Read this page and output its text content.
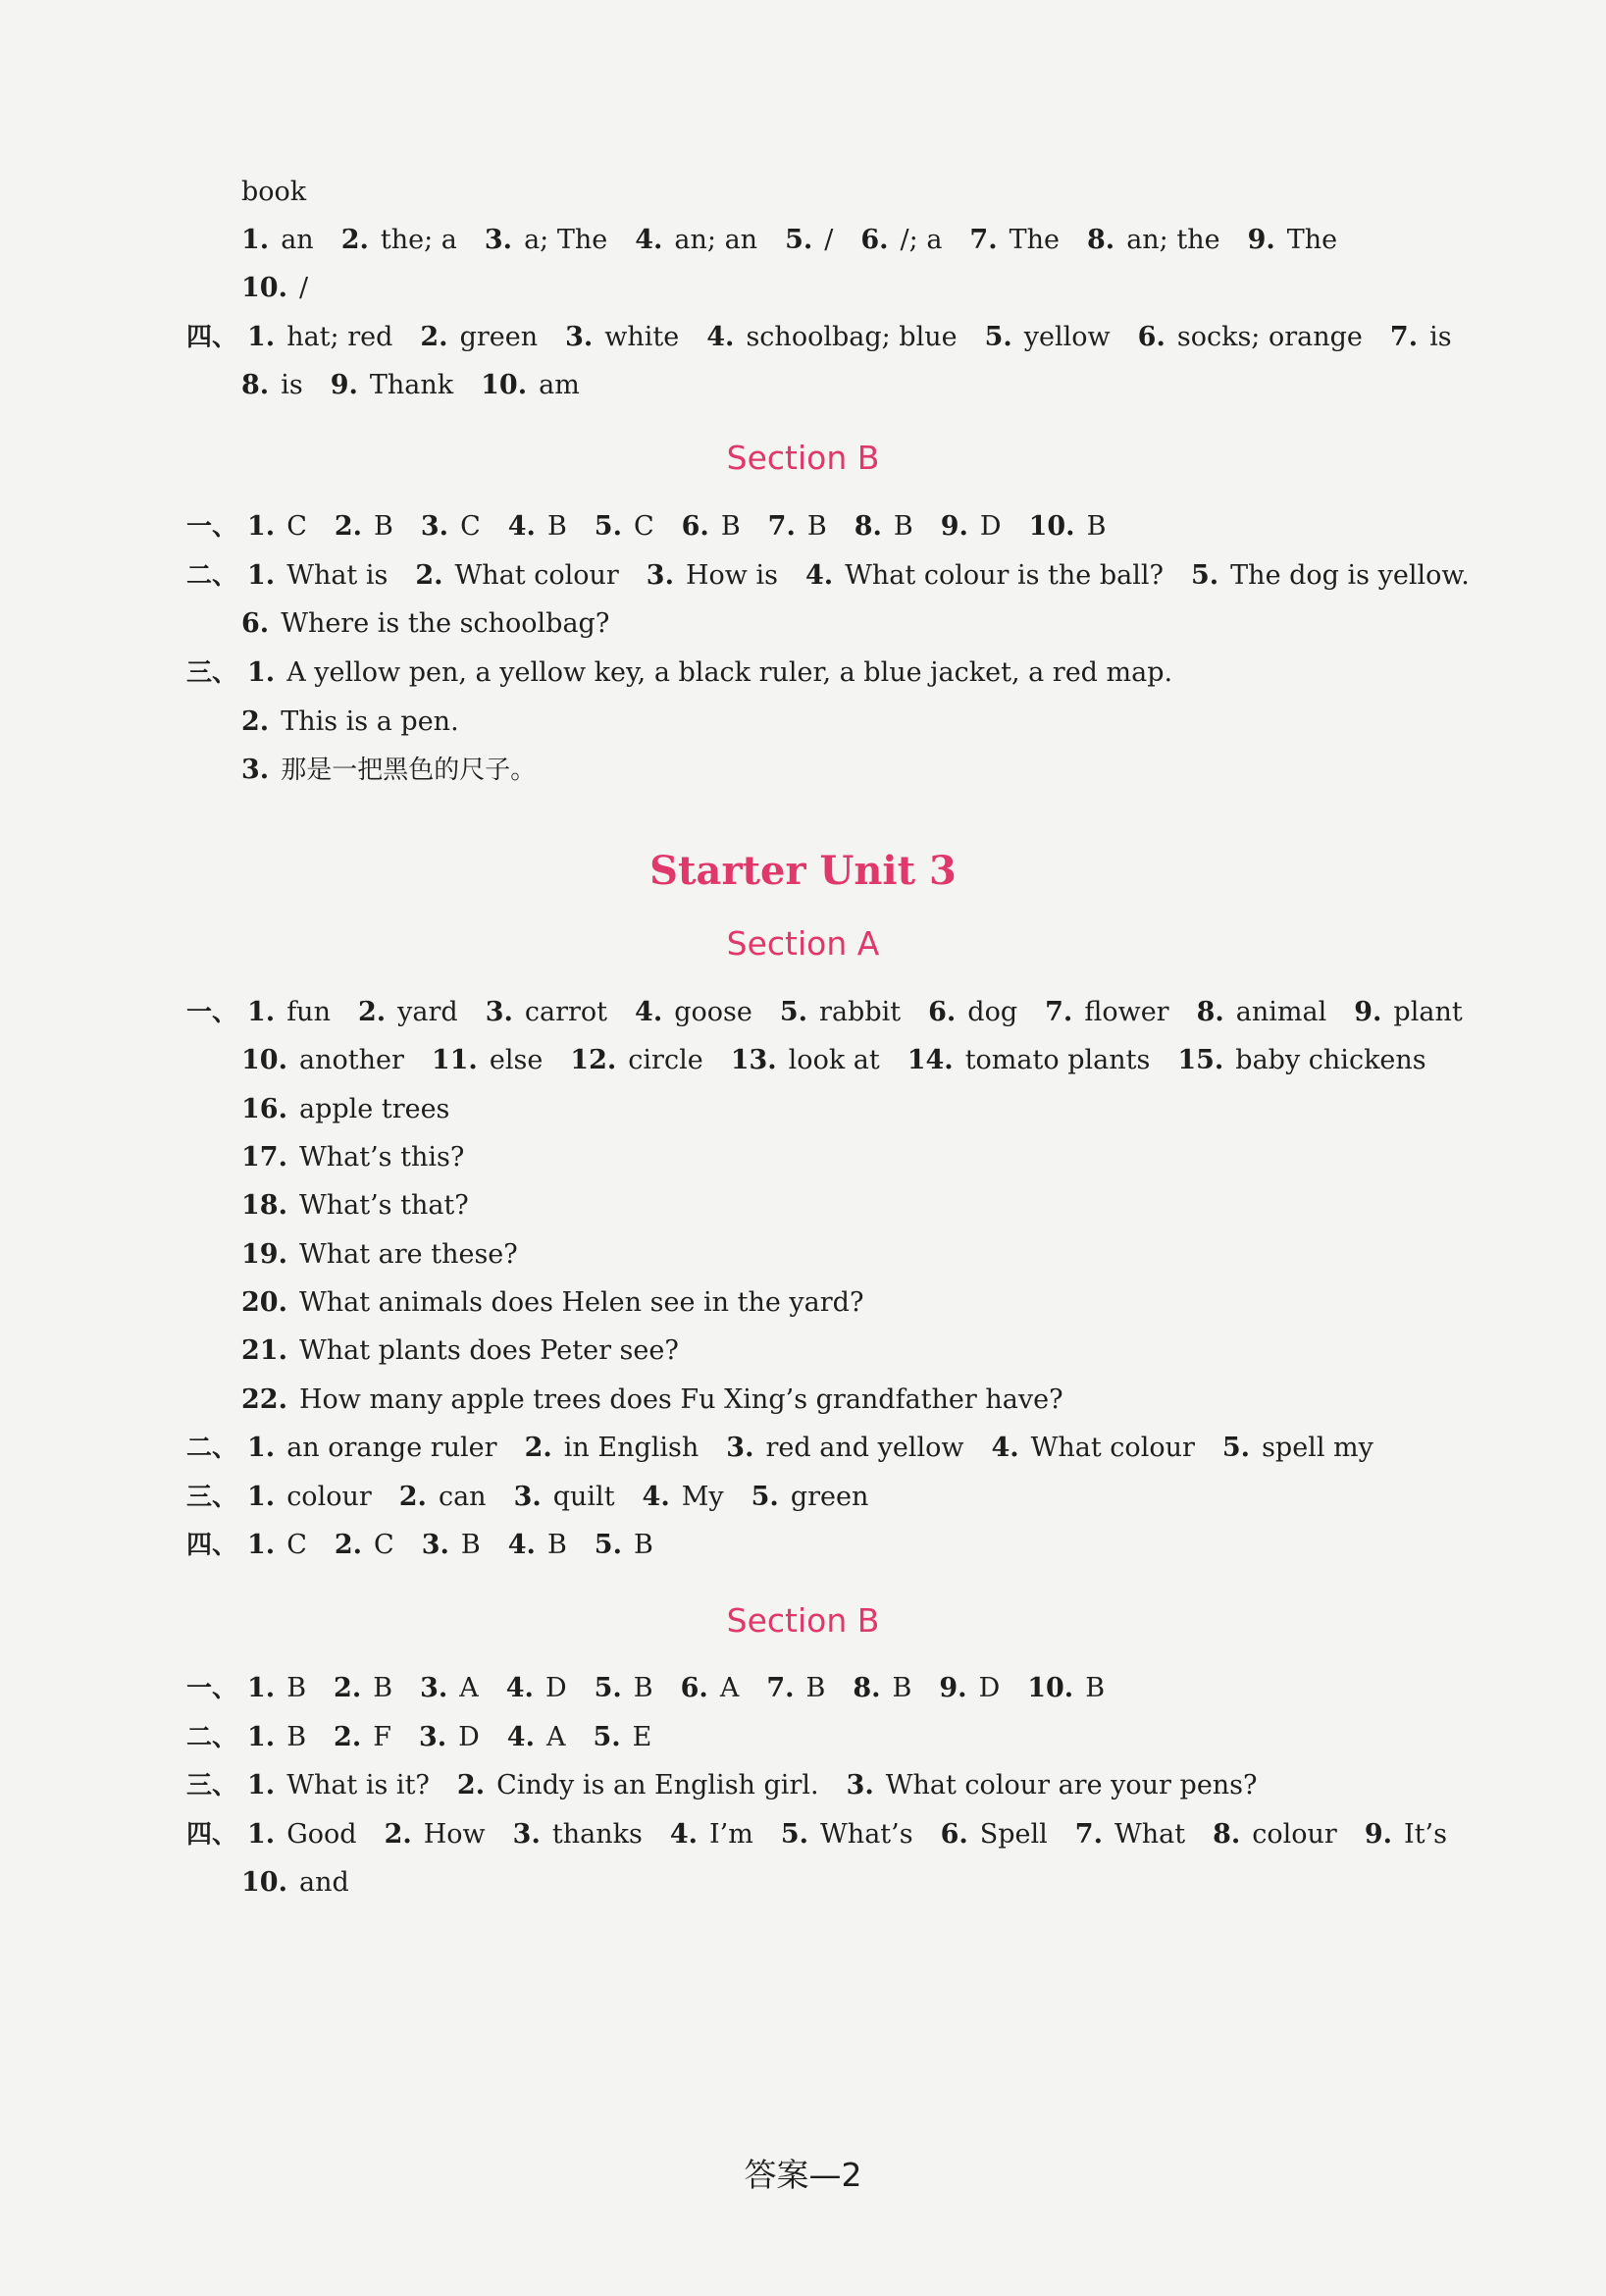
book
1. an 2. the; a 3. a; The 4. an; an 5. / 6. /; a 7. The 8. an; the 9. The
10. /
四、 1. hat; red 2. green 3. white 4. schoolbag; blue 5. yellow 6. socks; orange 7. is
8. is 9. Thank 10. am
Section B
一、 1. C 2. B 3. C 4. B 5. C 6. B 7. B 8. B 9. D 10. B
二、 1. What is 2. What colour 3. How is 4. What colour is the ball? 5. The dog is yellow.
6. Where is the schoolbag?
三、 1. A yellow pen, a yellow key, a black ruler, a blue jacket, a red map.
2. This is a pen.
3. 那是一把黑色的尺子。
Starter Unit 3
Section A
一、 1. fun 2. yard 3. carrot 4. goose 5. rabbit 6. dog 7. flower 8. animal 9. plant
10. another 11. else 12. circle 13. look at 14. tomato plants 15. baby chickens
16. apple trees
17. What’s this?
18. What’s that?
19. What are these?
20. What animals does Helen see in the yard?
21. What plants does Peter see?
22. How many apple trees does Fu Xing’s grandfather have?
二、 1. an orange ruler 2. in English 3. red and yellow 4. What colour 5. spell my
三、 1. colour 2. can 3. quilt 4. My 5. green
四、 1. C 2. C 3. B 4. B 5. B
Section B
一、 1. B 2. B 3. A 4. D 5. B 6. A 7. B 8. B 9. D 10. B
二、 1. B 2. F 3. D 4. A 5. E
三、 1. What is it? 2. Cindy is an English girl. 3. What colour are your pens?
四、 1. Good 2. How 3. thanks 4. I’m 5. What’s 6. Spell 7. What 8. colour 9. It’s
10. and
答案—2
